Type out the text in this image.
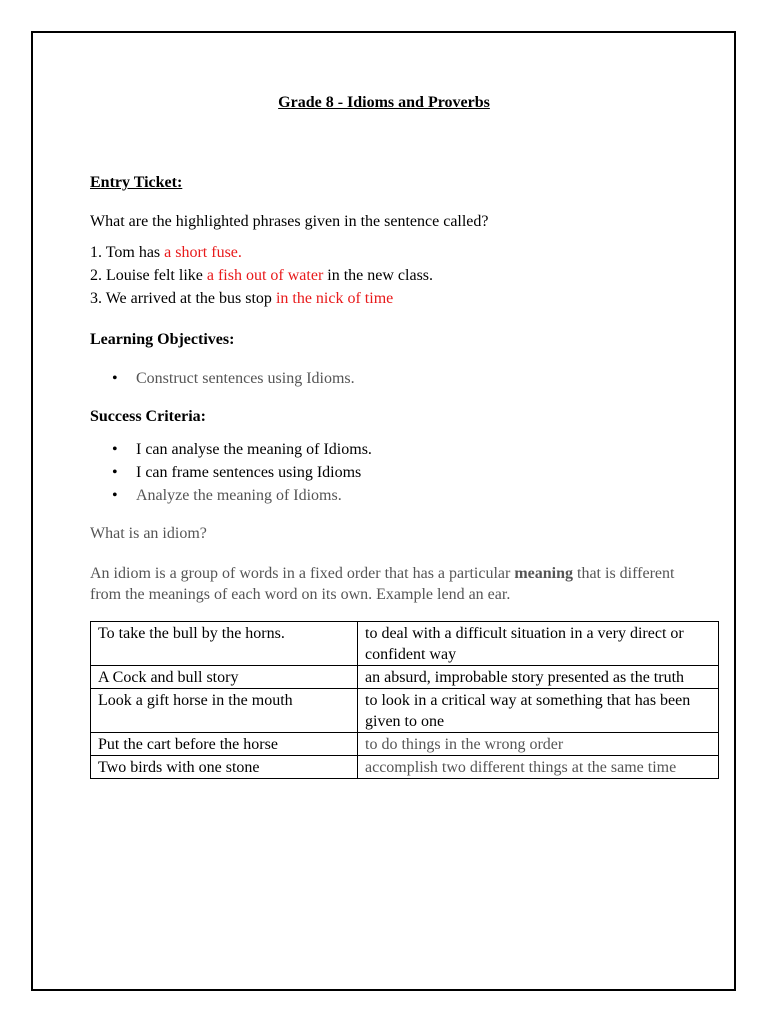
Grade 8 - Idioms and Proverbs
Entry Ticket:
What are the highlighted phrases given in the sentence called?
1. Tom has a short fuse.
2. Louise felt like a fish out of water in the new class.
3. We arrived at the bus stop in the nick of time
Learning Objectives:
• Construct sentences using Idioms.
Success Criteria:
• I can analyse the meaning of Idioms.
• I can frame sentences using Idioms
• Analyze the meaning of Idioms.
What is an idiom?
An idiom is a group of words in a fixed order that has a particular meaning that is different from the meanings of each word on its own. Example lend an ear.
To take the bull by the horns.	to deal with a difficult situation in a very direct or confident way
A Cock and bull story	an absurd, improbable story presented as the truth
Look a gift horse in the mouth	to look in a critical way at something that has been given to one
Put the cart before the horse	to do things in the wrong order
Two birds with one stone	accomplish two different things at the same time
